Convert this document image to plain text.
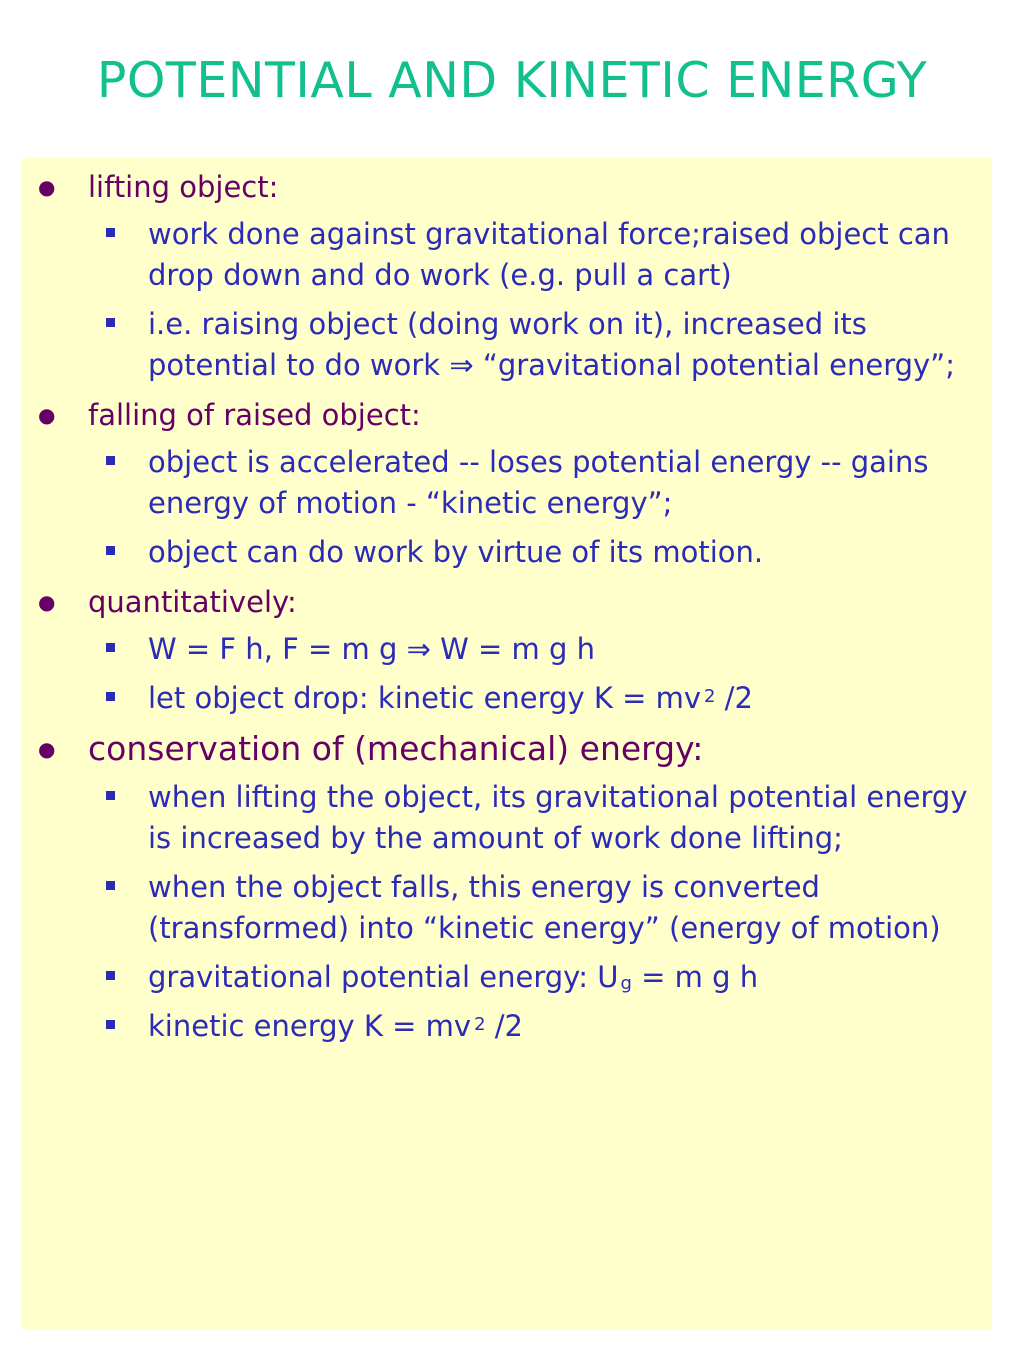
POTENTIAL AND KINETIC ENERGY
● lifting object:
work done against gravitational force;raised object can drop down and do work (e.g. pull a cart)
i.e. raising object (doing work on it), increased its potential to do work ⇒ “gravitational potential energy”;
● falling of raised object:
object is accelerated -- loses potential energy -- gains energy of motion - “kinetic energy”;
object can do work by virtue of its motion.
● quantitatively:
W = F h, F = m g ⇒ W = m g h
let object drop: kinetic energy K = mv $^2$ /2
● conservation of (mechanical) energy:
when lifting the object, its gravitational potential energy is increased by the amount of work done lifting;
when the object falls, this energy is converted (transformed) into “kinetic energy” (energy of motion)
gravitational potential energy: U $_g$ = m g h
kinetic energy K = mv $^2$ /2
